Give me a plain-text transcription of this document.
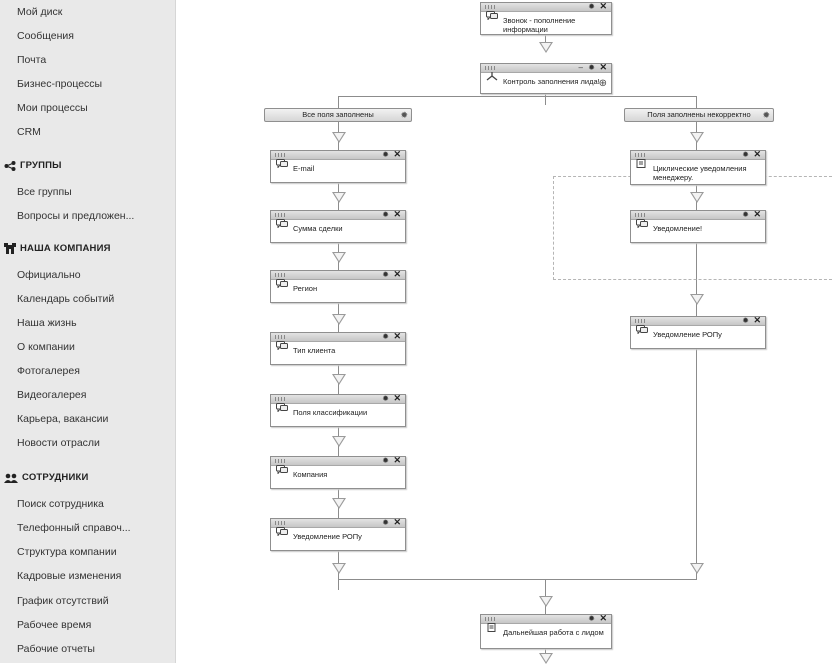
Мой диск
Сообщения
Почта
Бизнес-процессы
Мои процессы
CRM
ГРУППЫ
Все группы
Вопросы и предложен...
НАША КОМПАНИЯ
Официально
Календарь событий
Наша жизнь
О компании
Фотогалерея
Видеогалерея
Карьера, вакансии
Новости отрасли
СОТРУДНИКИ
Поиск сотрудника
Телефонный справоч...
Структура компании
Кадровые изменения
График отсутствий
Рабочее время
Рабочие отчеты
✹ ✕
Звонок - пополнение информации
– ✹ ✕
Контроль заполнения лида!
⊕
Все поля заполнены	✹	Поля заполнены некорректно ✹
✹ ✕
E-mail
✹ ✕
Сумма сделки
✹ ✕
Регион
✹ ✕
Тип клиента
✹ ✕
Поля классификации
✹ ✕
Компания
✹ ✕
Уведомление РОПу
✹ ✕
Циклические уведомления менеджеру.
✹ ✕
Уведомление!
✹ ✕
Уведомление РОПу
✹ ✕
Дальнейшая работа с лидом
